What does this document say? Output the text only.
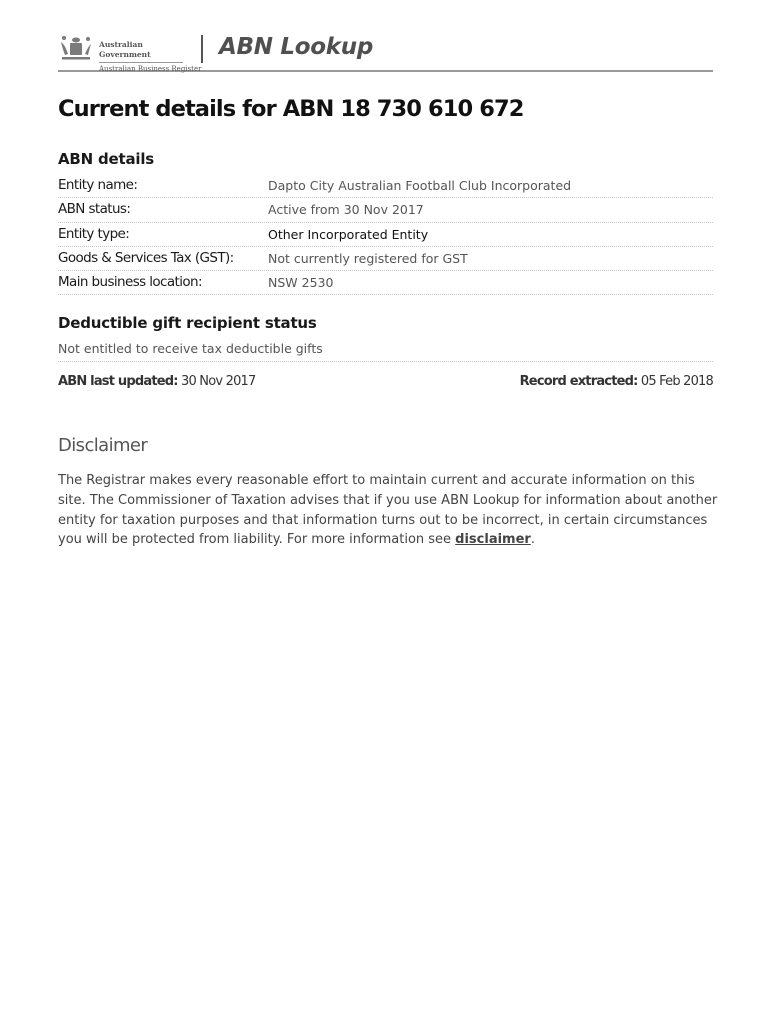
Australian Government
Australian Business Register
ABN Lookup
Current details for ABN 18 730 610 672
ABN details
Entity name:	Dapto City Australian Football Club Incorporated
ABN status:	Active from 30 Nov 2017
Entity type:	Other Incorporated Entity
Goods & Services Tax (GST):	Not currently registered for GST
Main business location:	NSW 2530
Deductible gift recipient status
Not entitled to receive tax deductible gifts
ABN last updated: 30 Nov 2017	Record extracted: 05 Feb 2018
Disclaimer
The Registrar makes every reasonable effort to maintain current and accurate information on this site. The Commissioner of Taxation advises that if you use ABN Lookup for information about another entity for taxation purposes and that information turns out to be incorrect, in certain circumstances you will be protected from liability. For more information see disclaimer.
